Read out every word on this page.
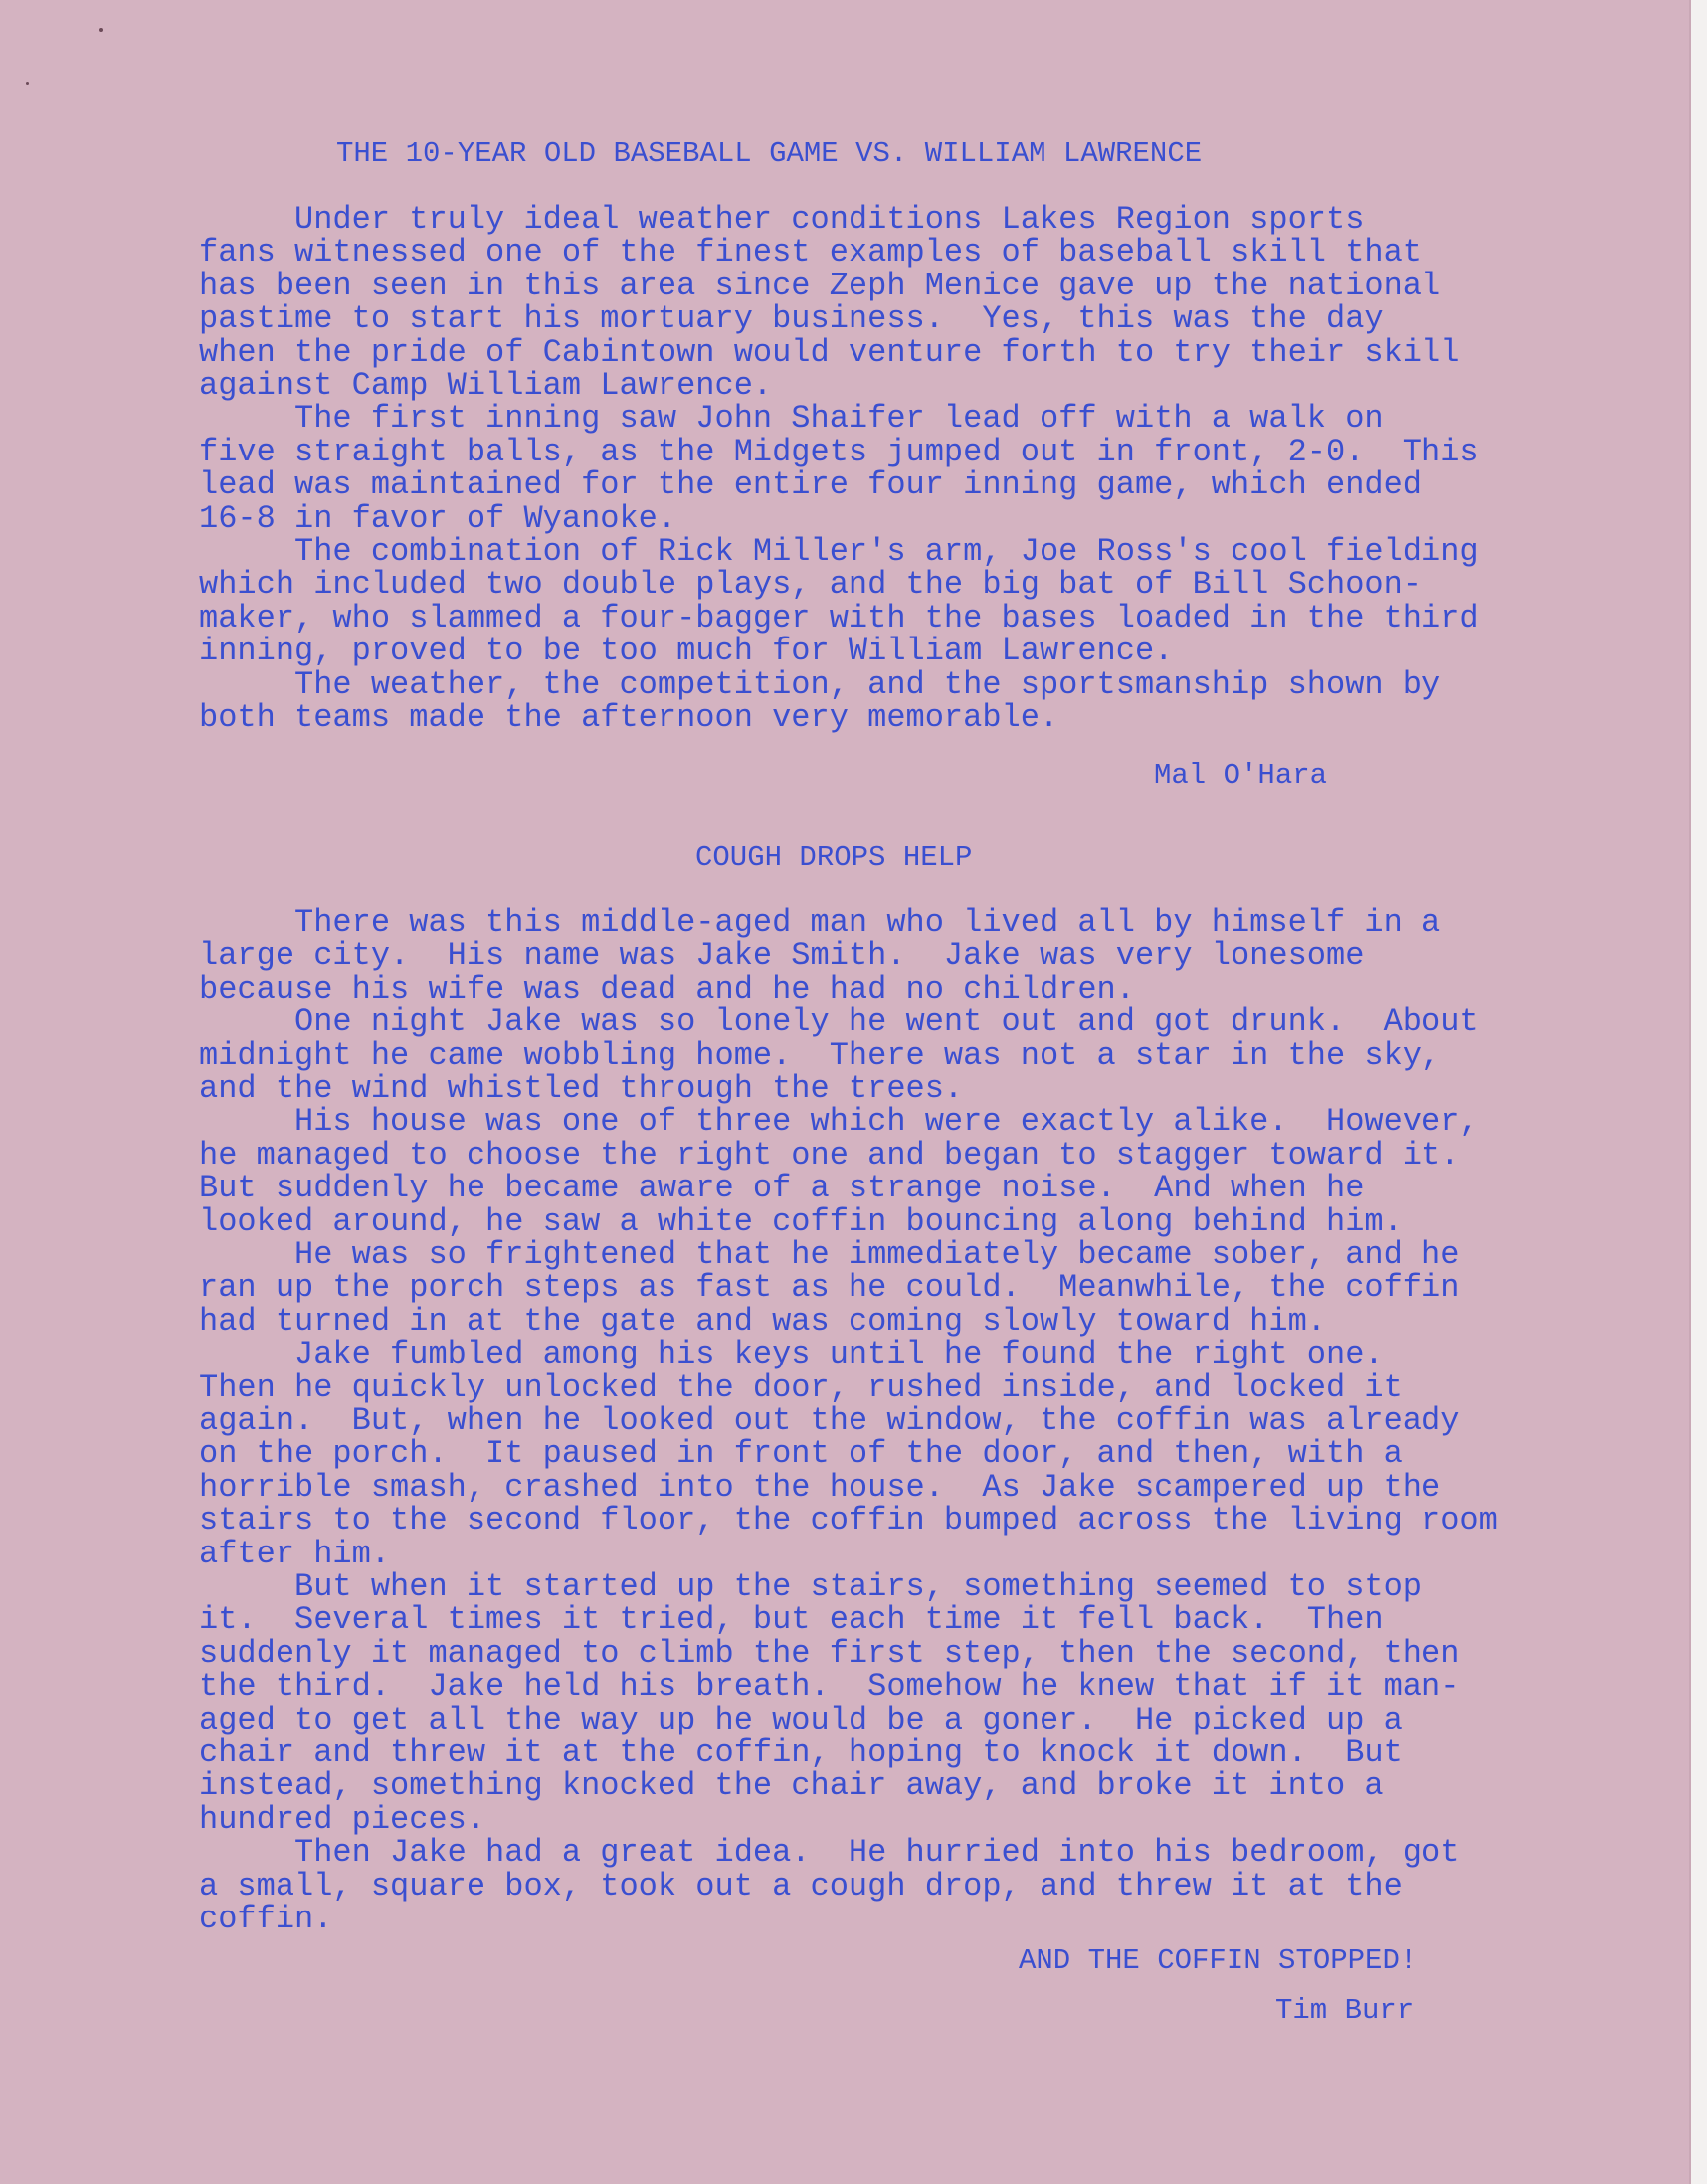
THE 10-YEAR OLD BASEBALL GAME VS. WILLIAM LAWRENCE
Under truly ideal weather conditions Lakes Region sports
fans witnessed one of the finest examples of baseball skill that
has been seen in this area since Zeph Menice gave up the national
pastime to start his mortuary business.  Yes, this was the day
when the pride of Cabintown would venture forth to try their skill
against Camp William Lawrence.
The first inning saw John Shaifer lead off with a walk on
five straight balls, as the Midgets jumped out in front, 2-0.  This
lead was maintained for the entire four inning game, which ended
16-8 in favor of Wyanoke.
The combination of Rick Miller's arm, Joe Ross's cool fielding
which included two double plays, and the big bat of Bill Schoon-
maker, who slammed a four-bagger with the bases loaded in the third
inning, proved to be too much for William Lawrence.
The weather, the competition, and the sportsmanship shown by
both teams made the afternoon very memorable.
Mal O'Hara
COUGH DROPS HELP
There was this middle-aged man who lived all by himself in a
large city.  His name was Jake Smith.  Jake was very lonesome
because his wife was dead and he had no children.
One night Jake was so lonely he went out and got drunk.  About
midnight he came wobbling home.  There was not a star in the sky,
and the wind whistled through the trees.
His house was one of three which were exactly alike.  However,
he managed to choose the right one and began to stagger toward it.
But suddenly he became aware of a strange noise.  And when he
looked around, he saw a white coffin bouncing along behind him.
He was so frightened that he immediately became sober, and he
ran up the porch steps as fast as he could.  Meanwhile, the coffin
had turned in at the gate and was coming slowly toward him.
Jake fumbled among his keys until he found the right one.
Then he quickly unlocked the door, rushed inside, and locked it
again.  But, when he looked out the window, the coffin was already
on the porch.  It paused in front of the door, and then, with a
horrible smash, crashed into the house.  As Jake scampered up the
stairs to the second floor, the coffin bumped across the living room
after him.
But when it started up the stairs, something seemed to stop
it.  Several times it tried, but each time it fell back.  Then
suddenly it managed to climb the first step, then the second, then
the third.  Jake held his breath.  Somehow he knew that if it man-
aged to get all the way up he would be a goner.  He picked up a
chair and threw it at the coffin, hoping to knock it down.  But
instead, something knocked the chair away, and broke it into a
hundred pieces.
Then Jake had a great idea.  He hurried into his bedroom, got
a small, square box, took out a cough drop, and threw it at the
coffin.
AND THE COFFIN STOPPED!
Tim Burr
